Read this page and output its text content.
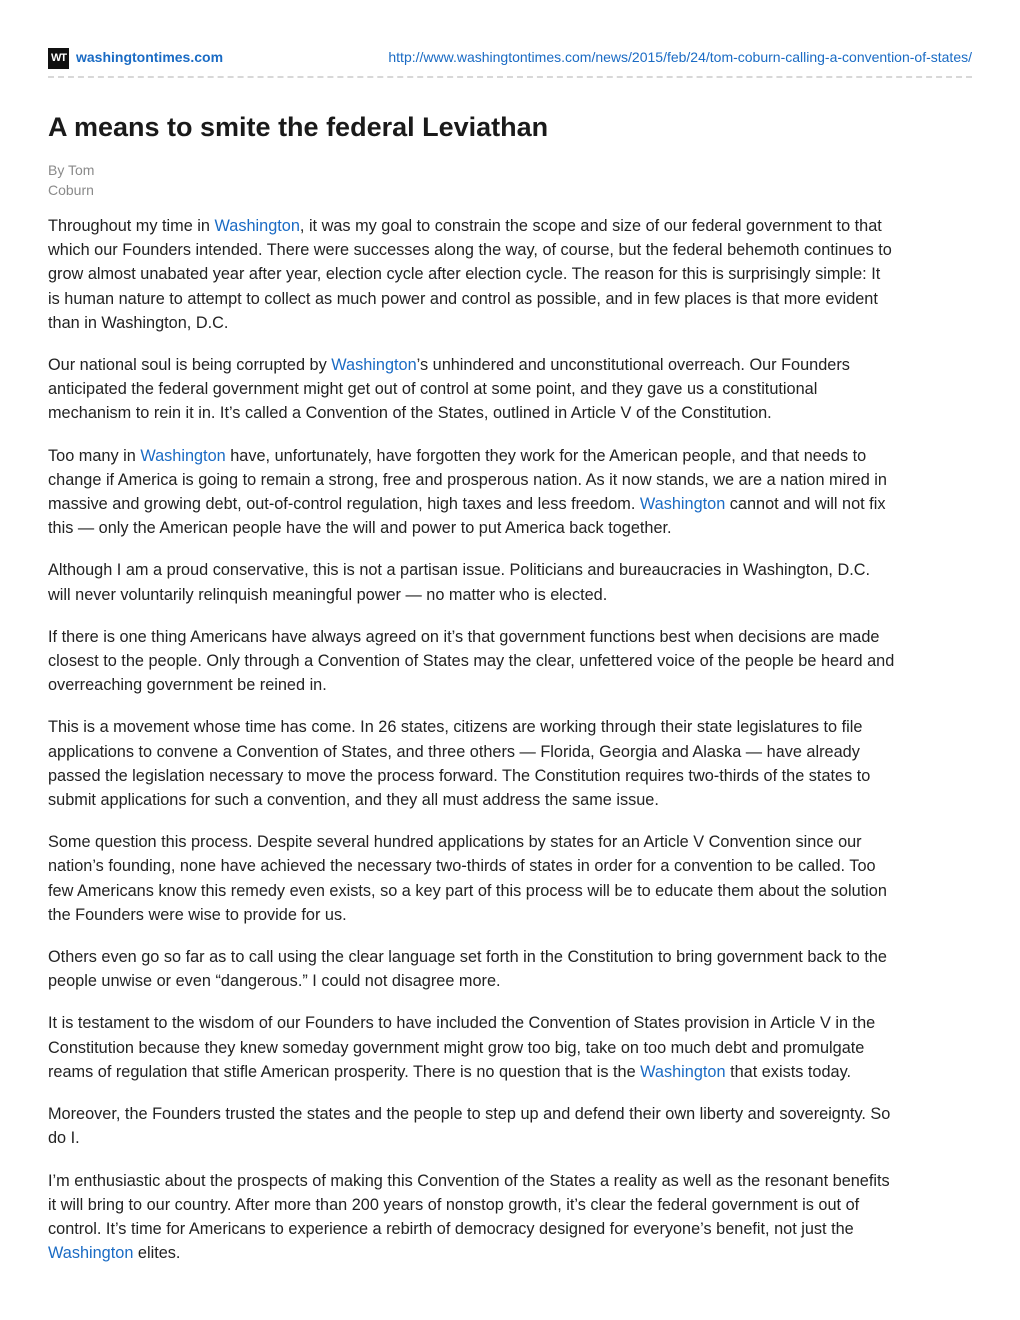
WT washingtontimes.com	http://www.washingtontimes.com/news/2015/feb/24/tom-coburn-calling-a-convention-of-states/
A means to smite the federal Leviathan
By Tom
Coburn

Throughout my time in Washington, it was my goal to constrain the scope and size of our federal government to that
which our Founders intended. There were successes along the way, of course, but the federal behemoth continues to
grow almost unabated year after year, election cycle after election cycle. The reason for this is surprisingly simple: It
is human nature to attempt to collect as much power and control as possible, and in few places is that more evident
than in Washington, D.C.

Our national soul is being corrupted by Washington’s unhindered and unconstitutional overreach. Our Founders
anticipated the federal government might get out of control at some point, and they gave us a constitutional
mechanism to rein it in. It’s called a Convention of the States, outlined in Article V of the Constitution.

Too many in Washington have, unfortunately, have forgotten they work for the American people, and that needs to
change if America is going to remain a strong, free and prosperous nation. As it now stands, we are a nation mired in
massive and growing debt, out-of-control regulation, high taxes and less freedom. Washington cannot and will not fix
this — only the American people have the will and power to put America back together.

Although I am a proud conservative, this is not a partisan issue. Politicians and bureaucracies in Washington, D.C.
will never voluntarily relinquish meaningful power — no matter who is elected.

If there is one thing Americans have always agreed on it’s that government functions best when decisions are made
closest to the people. Only through a Convention of States may the clear, unfettered voice of the people be heard and
overreaching government be reined in.

This is a movement whose time has come. In 26 states, citizens are working through their state legislatures to file
applications to convene a Convention of States, and three others — Florida, Georgia and Alaska — have already
passed the legislation necessary to move the process forward. The Constitution requires two-thirds of the states to
submit applications for such a convention, and they all must address the same issue.

Some question this process. Despite several hundred applications by states for an Article V Convention since our
nation’s founding, none have achieved the necessary two-thirds of states in order for a convention to be called. Too
few Americans know this remedy even exists, so a key part of this process will be to educate them about the solution
the Founders were wise to provide for us.

Others even go so far as to call using the clear language set forth in the Constitution to bring government back to the
people unwise or even “dangerous.” I could not disagree more.

It is testament to the wisdom of our Founders to have included the Convention of States provision in Article V in the
Constitution because they knew someday government might grow too big, take on too much debt and promulgate
reams of regulation that stifle American prosperity. There is no question that is the Washington that exists today.

Moreover, the Founders trusted the states and the people to step up and defend their own liberty and sovereignty. So
do I.

I’m enthusiastic about the prospects of making this Convention of the States a reality as well as the resonant benefits
it will bring to our country. After more than 200 years of nonstop growth, it’s clear the federal government is out of
control. It’s time for Americans to experience a rebirth of democracy designed for everyone’s benefit, not just the
Washington elites.
